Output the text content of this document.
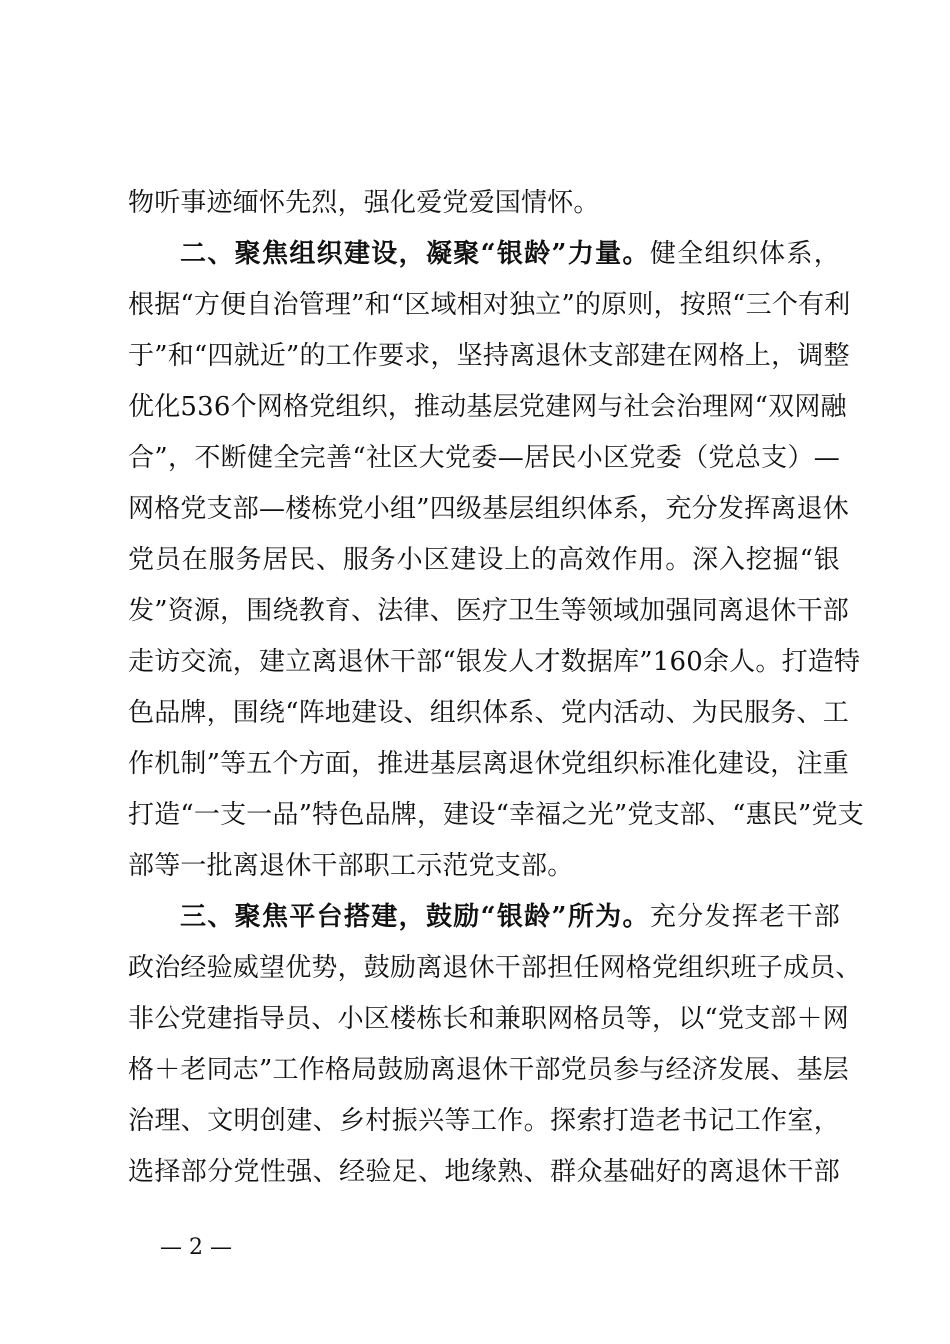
物听事迹缅怀先烈，强化爱党爱国情怀。
二、聚焦组织建设，凝聚“银龄”力量。健全组织体系，
根据“方便自治管理”和“区域相对独立”的原则，按照“三个有利
于”和“四就近”的工作要求，坚持离退休支部建在网格上，调整
优化536个网格党组织，推动基层党建网与社会治理网“双网融
合”，不断健全完善“社区大党委—居民小区党委（党总支）—
网格党支部—楼栋党小组”四级基层组织体系，充分发挥离退休
党员在服务居民、服务小区建设上的高效作用。深入挖掘“银
发”资源，围绕教育、法律、医疗卫生等领域加强同离退休干部
走访交流，建立离退休干部“银发人才数据库”160余人。打造特
色品牌，围绕“阵地建设、组织体系、党内活动、为民服务、工
作机制”等五个方面，推进基层离退休党组织标准化建设，注重
打造“一支一品”特色品牌，建设“幸福之光”党支部、“惠民”党支
部等一批离退休干部职工示范党支部。
三、聚焦平台搭建，鼓励“银龄”所为。充分发挥老干部
政治经验威望优势，鼓励离退休干部担任网格党组织班子成员、
非公党建指导员、小区楼栋长和兼职网格员等，以“党支部＋网
格＋老同志”工作格局鼓励离退休干部党员参与经济发展、基层
治理、文明创建、乡村振兴等工作。探索打造老书记工作室，
选择部分党性强、经验足、地缘熟、群众基础好的离退休干部
— 2 —
